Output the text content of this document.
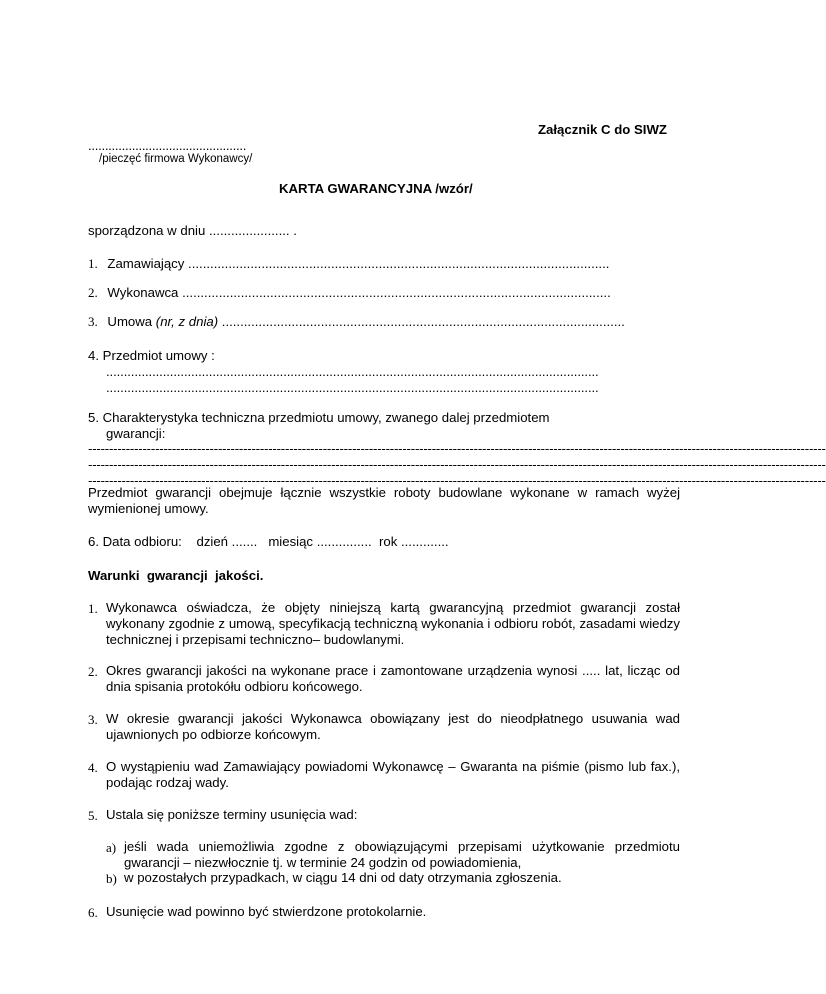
Załącznik C do SIWZ
...............................................
/pieczęć firmowa Wykonawcy/
KARTA GWARANCYJNA /wzór/
sporządzona w dniu ...................... .
1. Zamawiający ...................................................................................................................
2. Wykonawca .....................................................................................................................
3. Umowa (nr, z dnia) ..............................................................................................................
4. Przedmiot umowy :
...........................................................................................................................................
...........................................................................................................................................
5. Charakterystyka techniczna przedmiotu umowy, zwanego dalej przedmiotem
gwarancji:
--------------------------------------------------------------------------------------------------------------------------------------------------------------------------------
--------------------------------------------------------------------------------------------------------------------------------------------------------------------------------
--------------------------------------------------------------------------------------------------------------------------------------------------------------------------------
Przedmiot gwarancji obejmuje łącznie wszystkie roboty budowlane wykonane w ramach wyżej wymienionej umowy.
6. Data odbioru:    dzień .......   miesiąc ...............  rok .............
Warunki  gwarancji  jakości.
1. Wykonawca oświadcza, że objęty niniejszą kartą gwarancyjną przedmiot gwarancji został wykonany zgodnie z umową, specyfikacją techniczną wykonania i odbioru robót, zasadami wiedzy technicznej i przepisami techniczno– budowlanymi.
2. Okres gwarancji jakości na wykonane prace i zamontowane urządzenia wynosi ..... lat, licząc od dnia spisania protokółu odbioru końcowego.
3. W okresie gwarancji jakości Wykonawca obowiązany jest do nieodpłatnego usuwania wad ujawnionych po odbiorze końcowym.
4. O wystąpieniu wad Zamawiający powiadomi Wykonawcę – Gwaranta na piśmie (pismo lub fax.), podając rodzaj wady.
5. Ustala się poniższe terminy usunięcia wad:
a) jeśli wada uniemożliwia zgodne z obowiązującymi przepisami użytkowanie przedmiotu gwarancji – niezwłocznie tj. w terminie 24 godzin od powiadomienia,
b) w pozostałych przypadkach, w ciągu 14 dni od daty otrzymania zgłoszenia.
6. Usunięcie wad powinno być stwierdzone protokolarnie.
